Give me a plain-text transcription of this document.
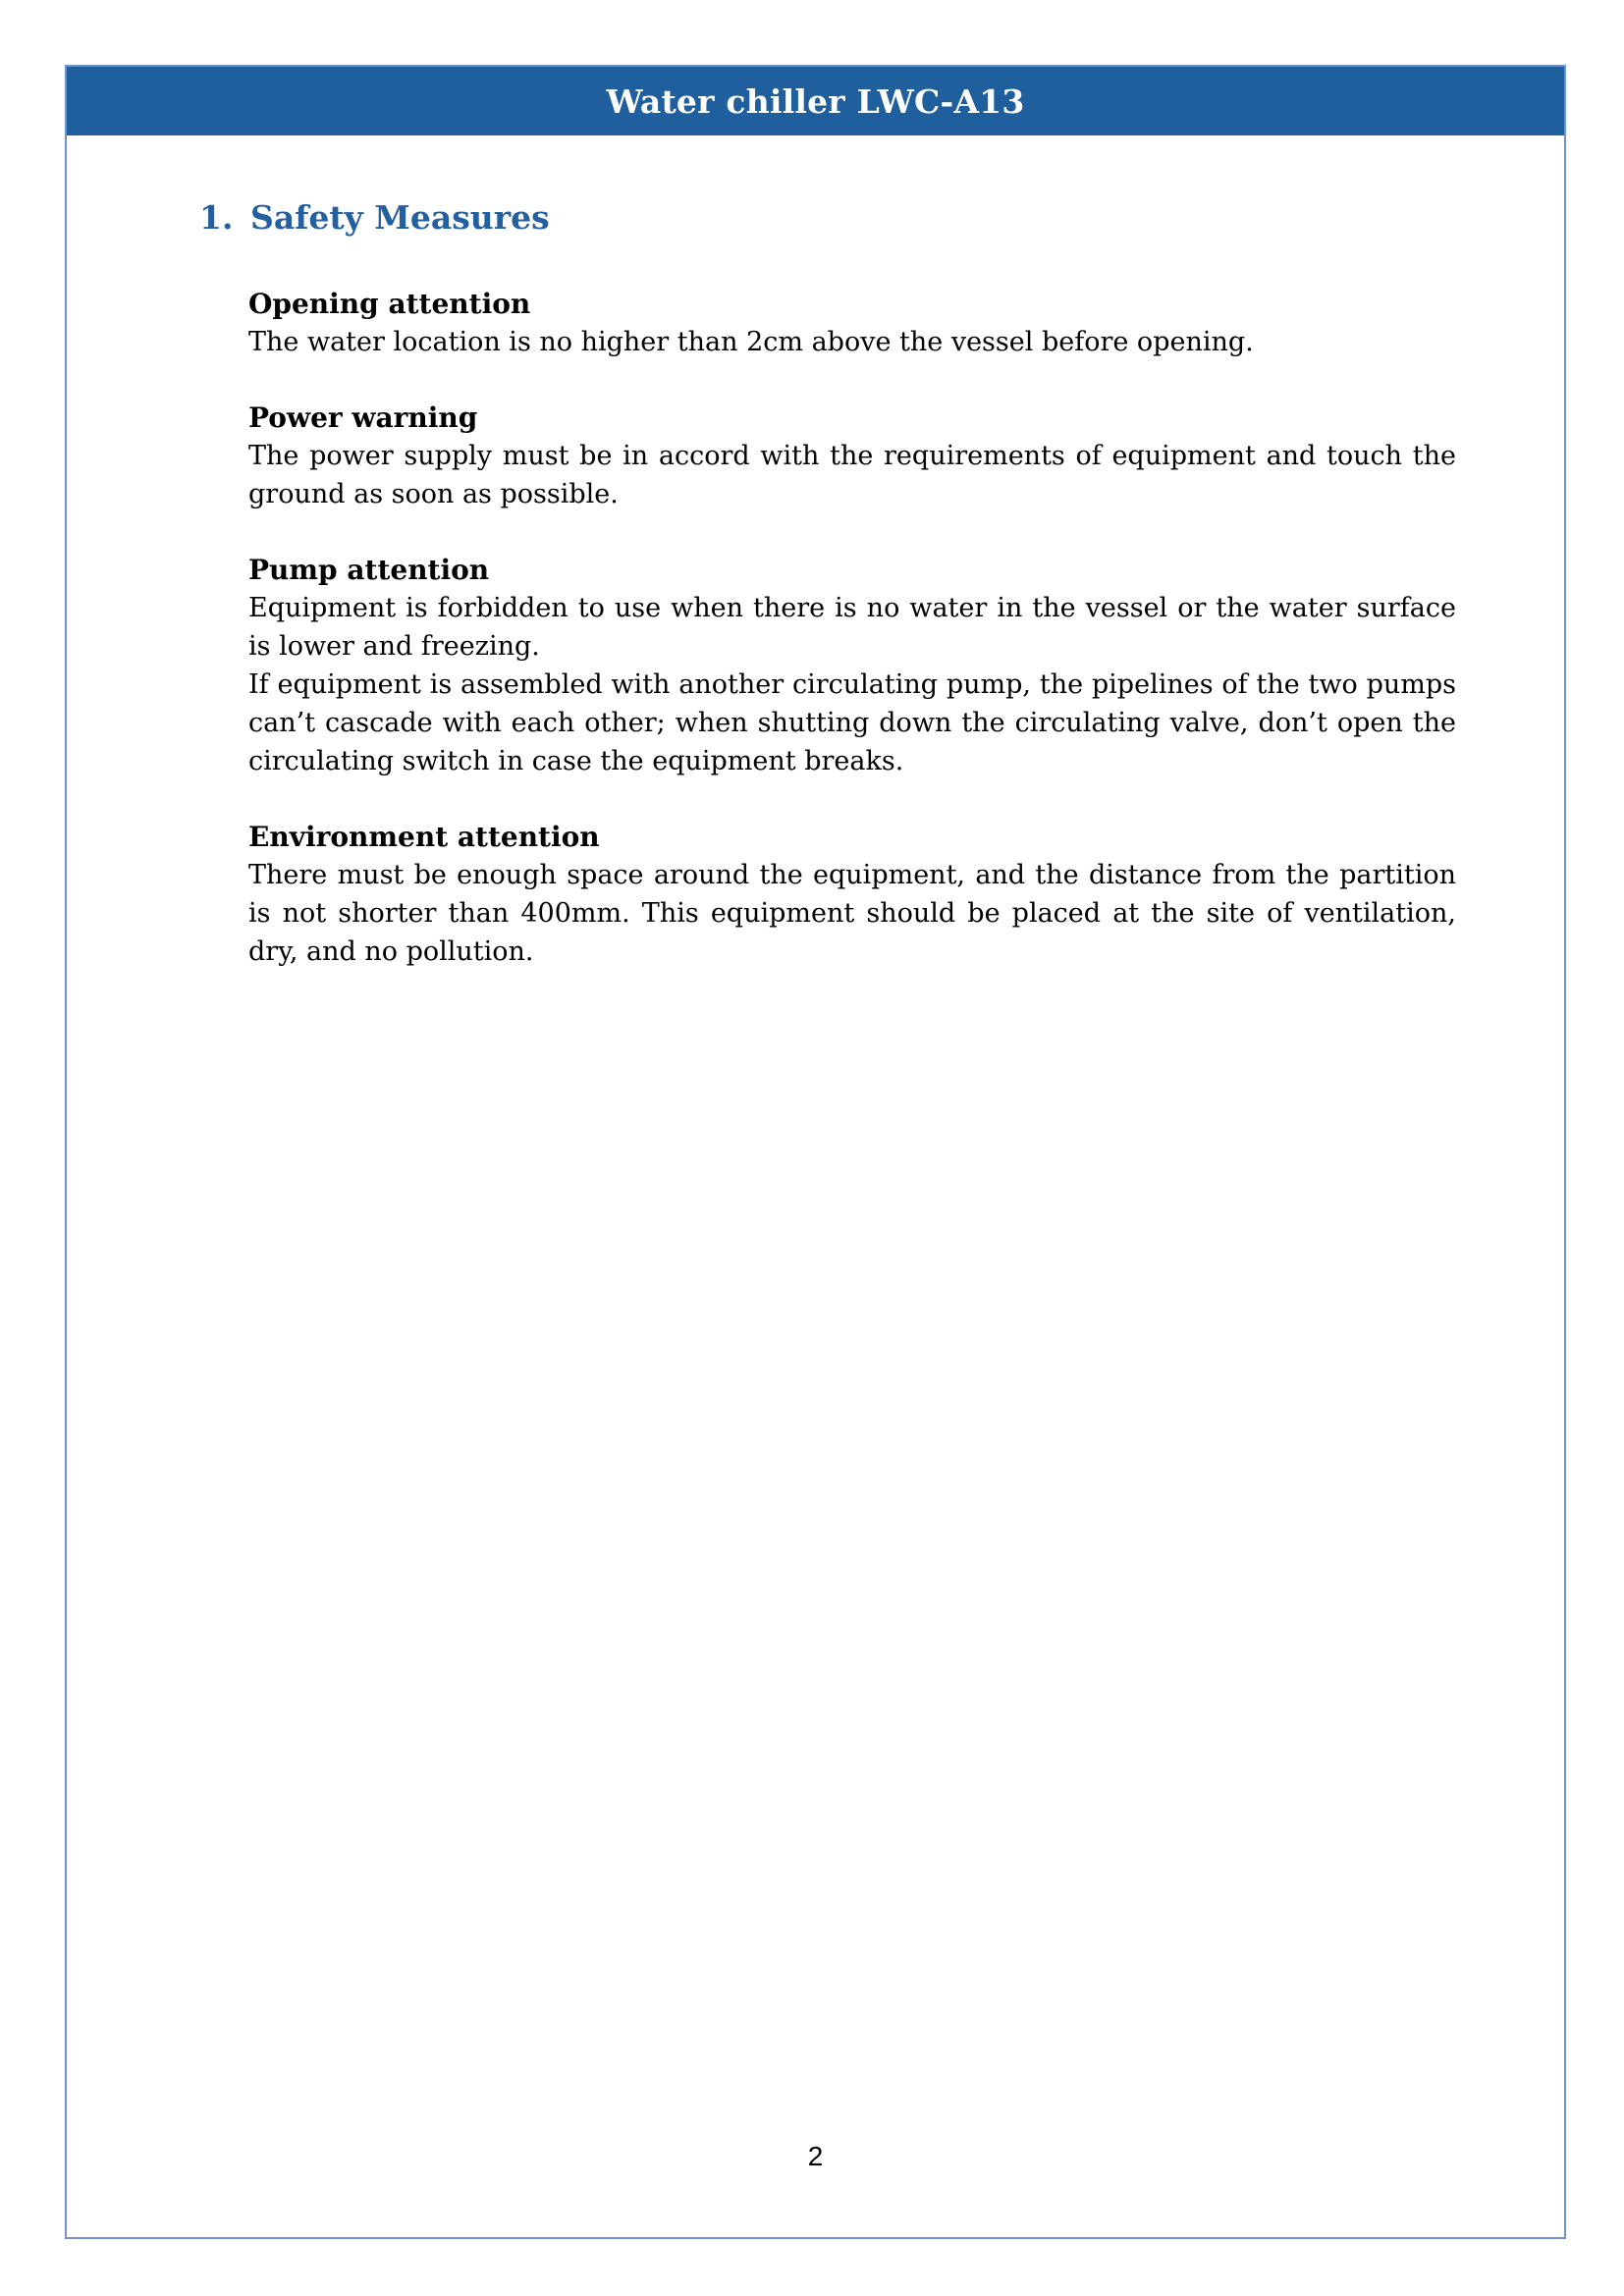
Water chiller LWC-A13
1. Safety Measures
Opening attention

The water location is no higher than 2cm above the vessel before opening.

Power warning

The power supply must be in accord with the requirements of equipment and touch the ground as soon as possible.

Pump attention

Equipment is forbidden to use when there is no water in the vessel or the water surface is lower and freezing.

If equipment is assembled with another circulating pump, the pipelines of the two pumps can’t cascade with each other; when shutting down the circulating valve, don’t open the circulating switch in case the equipment breaks.

Environment attention

There must be enough space around the equipment, and the distance from the partition is not shorter than 400mm. This equipment should be placed at the site of ventilation, dry, and no pollution.

2
